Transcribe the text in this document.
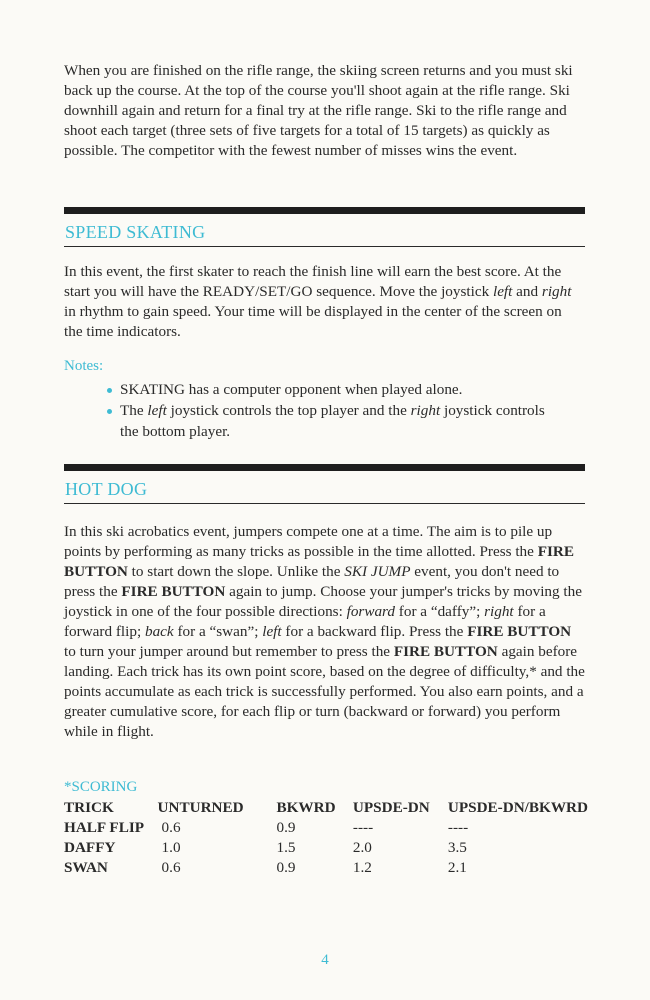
When you are finished on the rifle range, the skiing screen returns and you must ski back up the course. At the top of the course you'll shoot again at the rifle range. Ski downhill again and return for a final try at the rifle range. Ski to the rifle range and shoot each target (three sets of five targets for a total of 15 targets) as quickly as possible. The competitor with the fewest number of misses wins the event.

SPEED SKATING

In this event, the first skater to reach the finish line will earn the best score. At the start you will have the READY/SET/GO sequence. Move the joystick left and right in rhythm to gain speed. Your time will be displayed in the center of the screen on the time indicators.

Notes:
SKATING has a computer opponent when played alone.
The left joystick controls the top player and the right joystick controls the bottom player.
HOT DOG

In this ski acrobatics event, jumpers compete one at a time. The aim is to pile up points by performing as many tricks as possible in the time allotted. Press the FIRE BUTTON to start down the slope. Unlike the SKI JUMP event, you don't need to press the FIRE BUTTON again to jump. Choose your jumper's tricks by moving the joystick in one of the four possible directions: forward for a “daffy”; right for a forward flip; back for a “swan”; left for a backward flip. Press the FIRE BUTTON to turn your jumper around but remember to press the FIRE BUTTON again before landing. Each trick has its own point score, based on the degree of difficulty,* and the points accumulate as each trick is successfully performed. You also earn points, and a greater cumulative score, for each flip or turn (backward or forward) you perform while in flight.

*SCORING
TRICK	UNTURNED	BKWRD	UPSDE-DN	UPSDE-DN/BKWRD
HALF FLIP	0.6	0.9	----	----
DAFFY	1.0	1.5	2.0	3.5
SWAN	0.6	0.9	1.2	2.1
4
